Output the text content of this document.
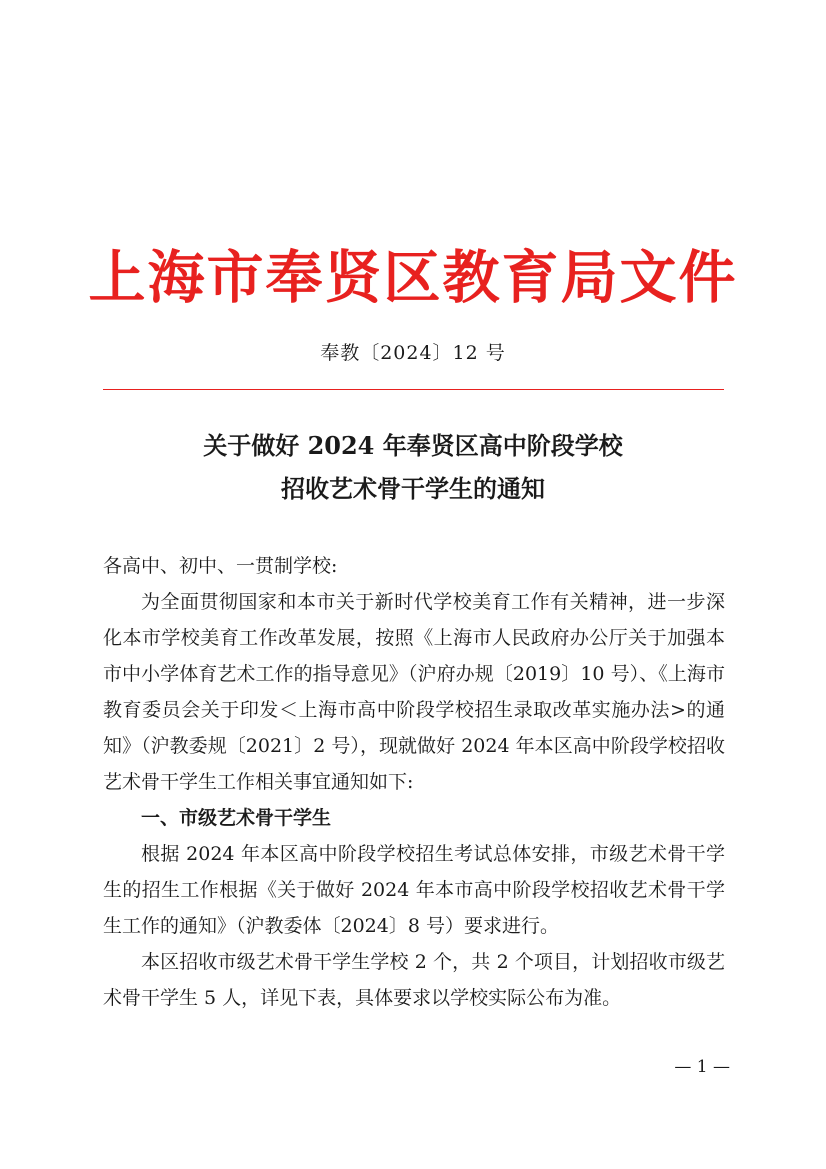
上海市奉贤区教育局文件
奉教〔2024〕12 号
关于做好 2024 年奉贤区高中阶段学校
招收艺术骨干学生的通知

各高中、初中、一贯制学校:

为全面贯彻国家和本市关于新时代学校美育工作有关精神，进一步深化本市学校美育工作改革发展，按照《上海市人民政府办公厅关于加强本市中小学体育艺术工作的指导意见》（沪府办规〔2019〕10 号）、《上海市教育委员会关于印发＜上海市高中阶段学校招生录取改革实施办法>的通知》（沪教委规〔2021〕2 号），现就做好 2024 年本区高中阶段学校招收艺术骨干学生工作相关事宜通知如下:

一、市级艺术骨干学生

根据 2024 年本区高中阶段学校招生考试总体安排，市级艺术骨干学生的招生工作根据《关于做好 2024 年本市高中阶段学校招收艺术骨干学生工作的通知》（沪教委体〔2024〕8 号）要求进行。

本区招收市级艺术骨干学生学校 2 个，共 2 个项目，计划招收市级艺术骨干学生 5 人，详见下表，具体要求以学校实际公布为准。

— 1 —
